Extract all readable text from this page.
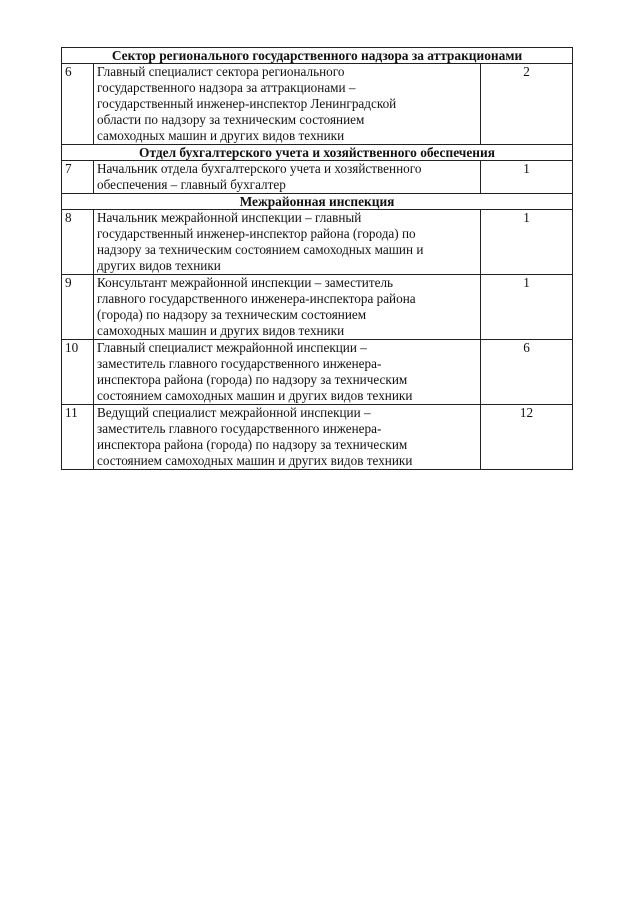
Сектор регионального государственного надзора за аттракционами		
6	Главный специалист сектора регионального
государственного надзора за аттракционами –
государственный инженер-инспектор Ленинградской
области по надзору за техническим состоянием
самоходных машин и других видов техники	2
Отдел бухгалтерского учета и хозяйственного обеспечения		
7	Начальник отдела бухгалтерского учета и хозяйственного
обеспечения – главный бухгалтер	1
Межрайонная инспекция		
8	Начальник межрайонной инспекции – главный
государственный инженер-инспектор района (города) по
надзору за техническим состоянием самоходных машин и
других видов техники	1
9	Консультант межрайонной инспекции – заместитель
главного государственного инженера-инспектора района
(города) по надзору за техническим состоянием
самоходных машин и других видов техники	1
10	Главный специалист межрайонной инспекции –
заместитель главного государственного инженера-
инспектора района (города) по надзору за техническим
состоянием самоходных машин и других видов техники	6
11	Ведущий специалист межрайонной инспекции –
заместитель главного государственного инженера-
инспектора района (города) по надзору за техническим
состоянием самоходных машин и других видов техники	12
